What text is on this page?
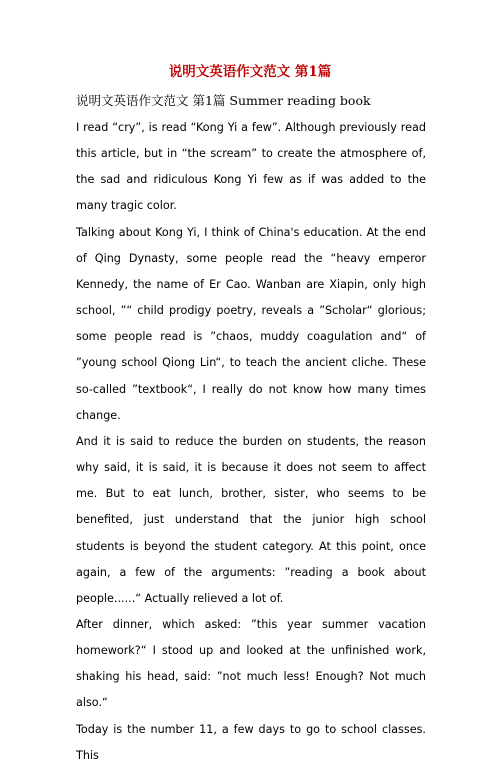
说明文英语作文范文 第1篇
说明文英语作文范文 第1篇 Summer reading book

I read “cry”, is read “Kong Yi a few”. Although previously read this article, but in “the scream” to create the atmosphere of, the sad and ridiculous Kong Yi few as if was added to the many tragic color.

Talking about Kong Yi, I think of China's education. At the end of Qing Dynasty, some people read the “heavy emperor Kennedy, the name of Er Cao. Wanban are Xiapin, only high school, ”“ child prodigy poetry, reveals a ”Scholar“ glorious; some people read is ”chaos, muddy coagulation and“ of ”young school Qiong Lin“, to teach the ancient cliche. These so-called ”textbook“, I really do not know how many times change.

And it is said to reduce the burden on students, the reason why said, it is said, it is because it does not seem to affect me. But to eat lunch, brother, sister, who seems to be benefited, just understand that the junior high school students is beyond the student category. At this point, once again, a few of the arguments: ”reading a book about people......“ Actually relieved a lot of.

After dinner, which asked: ”this year summer vacation homework?“ I stood up and looked at the unfinished work, shaking his head, said: ”not much less! Enough? Not much also.“

Today is the number 11, a few days to go to school classes. This
